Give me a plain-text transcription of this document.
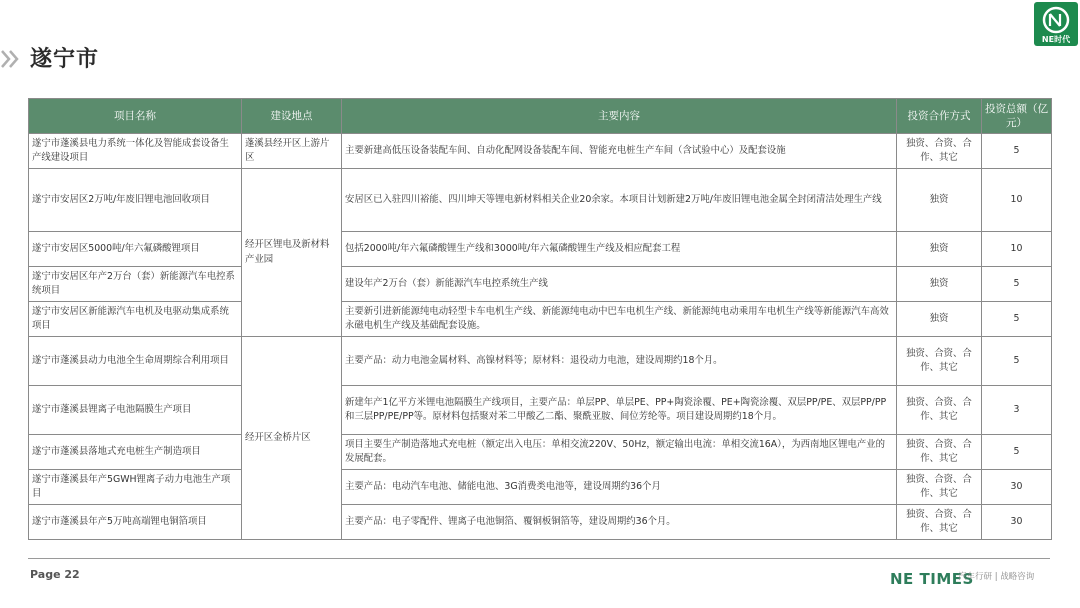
遂宁市
NE时代
项目名称	建设地点	主要内容	投资合作方式	投资总额（亿元）
遂宁市蓬溪县电力系统一体化及智能成套设备生产线建设项目	蓬溪县经开区上游片区	主要新建高低压设备装配车间、自动化配网设备装配车间、智能充电桩生产车间（含试验中心）及配套设施	独资、合资、合作、其它	5
遂宁市安居区2万吨/年废旧锂电池回收项目	经开区锂电及新材料产业园	安居区已入驻四川裕能、四川坤天等锂电新材料相关企业20余家。本项目计划新建2万吨/年废旧锂电池金属全封闭清洁处理生产线	独资	10
遂宁市安居区5000吨/年六氟磷酸锂项目		包括2000吨/年六氟磷酸锂生产线和3000吨/年六氟磷酸锂生产线及相应配套工程	独资	10
遂宁市安居区年产2万台（套）新能源汽车电控系统项目		建设年产2万台（套）新能源汽车电控系统生产线	独资	5
遂宁市安居区新能源汽车电机及电驱动集成系统项目		主要新引进新能源纯电动轻型卡车电机生产线、新能源纯电动中巴车电机生产线、新能源纯电动乘用车电机生产线等新能源汽车高效永磁电机生产线及基础配套设施。	独资	5
遂宁市蓬溪县动力电池全生命周期综合利用项目	经开区金桥片区	主要产品：动力电池金属材料、高镍材料等；原材料：退役动力电池，建设周期约18个月。	独资、合资、合作、其它	5
遂宁市蓬溪县锂离子电池隔膜生产项目		新建年产1亿平方米锂电池隔膜生产线项目，主要产品：单层PP、单层PE、PP+陶瓷涂覆、PE+陶瓷涂覆、双层PP/PE、双层PP/PP和三层PP/PE/PP等。原材料包括聚对苯二甲酸乙二酯、聚酰亚胺、间位芳纶等。项目建设周期约18个月。	独资、合资、合作、其它	3
遂宁市蓬溪县落地式充电桩生产制造项目		项目主要生产制造落地式充电桩（额定出入电压：单相交流220V、50Hz，额定输出电流：单相交流16A），为西南地区锂电产业的发展配套。	独资、合资、合作、其它	5
遂宁市蓬溪县年产5GWH锂离子动力电池生产项目		主要产品：电动汽车电池、储能电池、3G消费类电池等，建设周期约36个月	独资、合资、合作、其它	30
遂宁市蓬溪县年产5万吨高端锂电铜箔项目		主要产品：电子零配件、锂离子电池铜箔、覆铜板铜箔等，建设周期约36个月。	独资、合资、合作、其它	30
Page 22	NE TIMES
汽车行研 | 战略咨询
